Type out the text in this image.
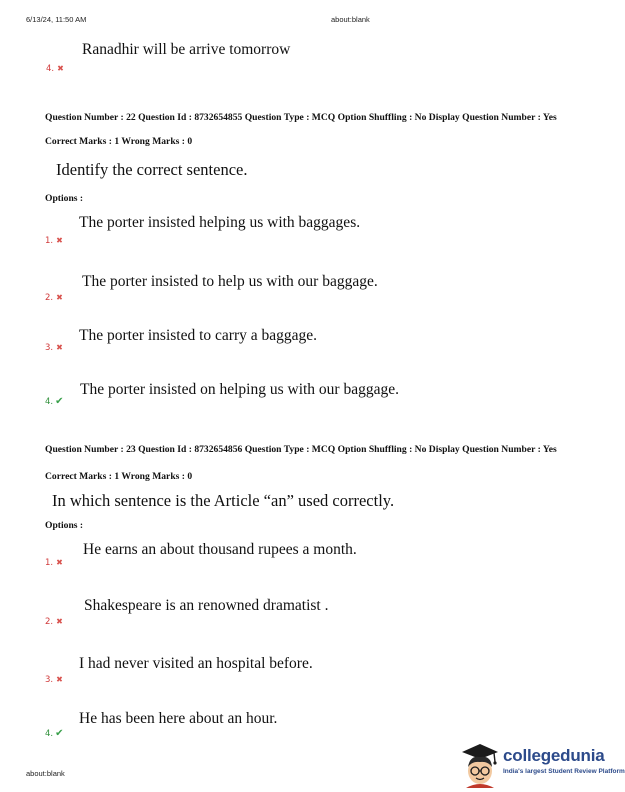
6/13/24, 11:50 AM	about:blank
Ranadhir will be arrive tomorrow
4. ✖
Question Number : 22 Question Id : 8732654855 Question Type : MCQ Option Shuffling : No Display Question Number : Yes
Correct Marks : 1 Wrong Marks : 0
Identify the correct sentence.
Options :
The porter insisted helping us with baggages.
1. ✖
The porter insisted to help us with our baggage.
2. ✖
The porter insisted to carry a baggage.
3. ✖
The porter insisted on helping us with our baggage.
4. ✔
Question Number : 23 Question Id : 8732654856 Question Type : MCQ Option Shuffling : No Display Question Number : Yes
Correct Marks : 1 Wrong Marks : 0
In which sentence is the Article “an” used correctly.
Options :
He earns an about thousand rupees a month.
1. ✖
Shakespeare is an renowned dramatist .
2. ✖
I had never visited an hospital before.
3. ✖
He has been here about an hour.
4. ✔
about:blank
collegedunia
India's largest Student Review Platform
